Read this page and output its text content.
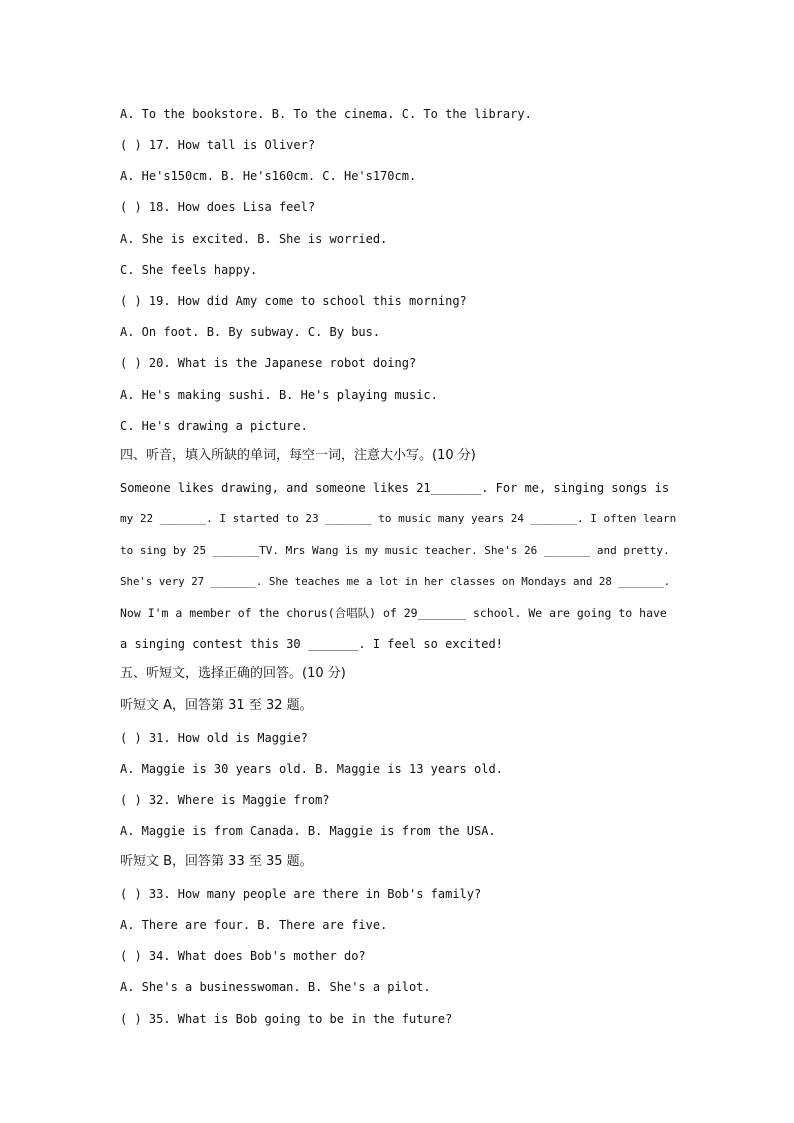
A. To the bookstore. B. To the cinema. C. To the library.
( ) 17. How tall is Oliver?
A. He's150cm. B. He's160cm. C. He's170cm.
( ) 18. How does Lisa feel?
A. She is excited. B. She is worried.
C. She feels happy.
( ) 19. How did Amy come to school this morning?
A. On foot. B. By subway. C. By bus.
( ) 20. What is the Japanese robot doing?
A. He's making sushi. B. He's playing music.
C. He's drawing a picture.
四、听音，填入所缺的单词，每空一词，注意大小写。(10 分)
Someone likes drawing, and someone likes 21_______. For me, singing songs is
my 22 _______. I started to 23 _______ to music many years 24 _______. I often learn
to sing by 25 _______TV. Mrs Wang is my music teacher. She's 26 _______ and pretty.
She's very 27 _______. She teaches me a lot in her classes on Mondays and 28 _______.
Now I'm a member of the chorus(合唱队) of 29_______ school. We are going to have
a singing contest this 30 _______. I feel so excited!
五、听短文，选择正确的回答。(10 分)
听短文 A，回答第 31 至 32 题。
( ) 31. How old is Maggie?
A. Maggie is 30 years old. B. Maggie is 13 years old.
( ) 32. Where is Maggie from?
A. Maggie is from Canada. B. Maggie is from the USA.
听短文 B，回答第 33 至 35 题。
( ) 33. How many people are there in Bob's family?
A. There are four. B. There are five.
( ) 34. What does Bob's mother do?
A. She's a businesswoman. B. She's a pilot.
( ) 35. What is Bob going to be in the future?
